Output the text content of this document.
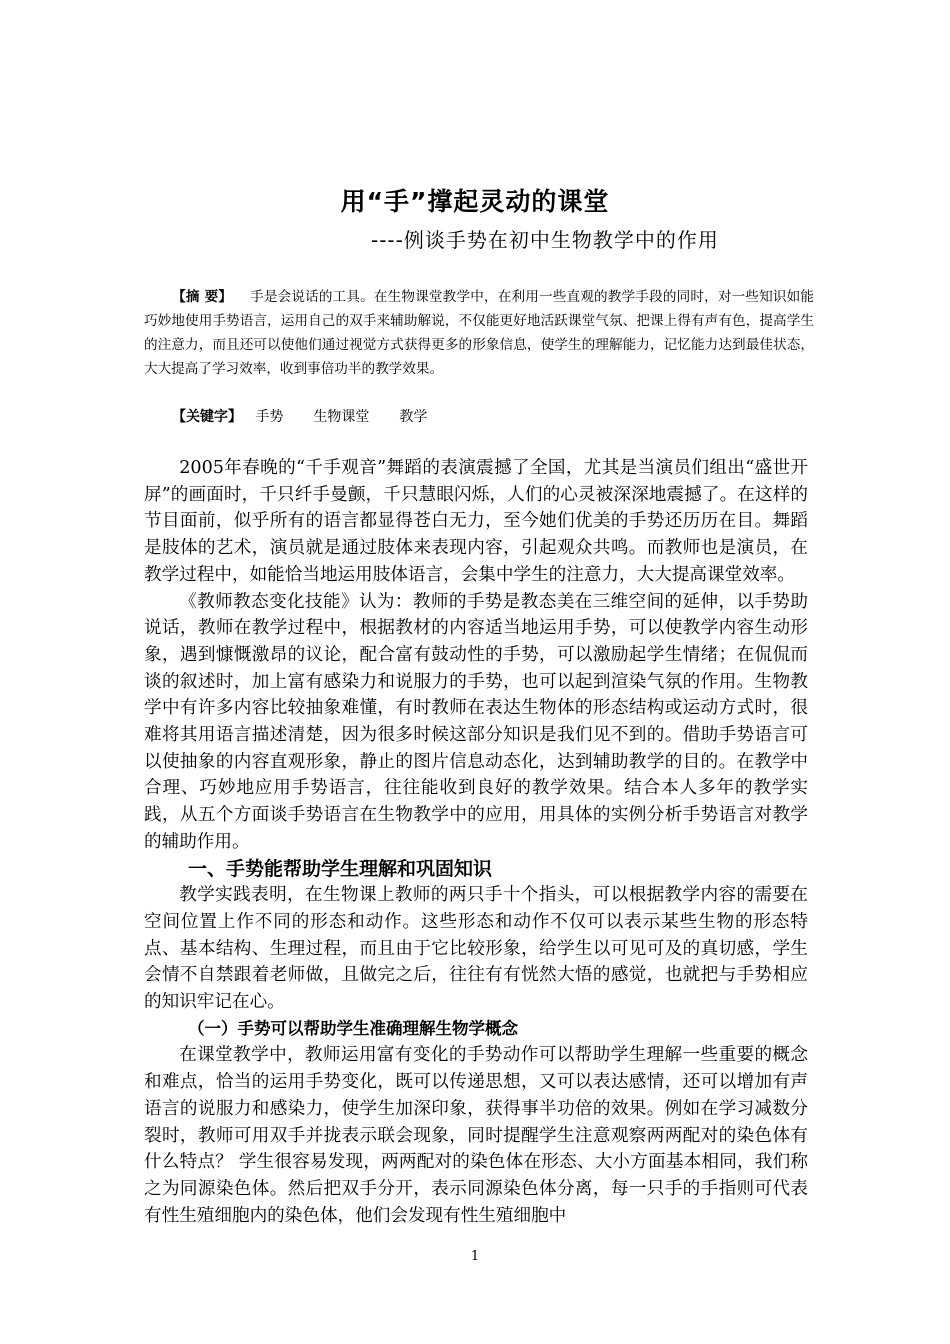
用“手”撑起灵动的课堂
----例谈手势在初中生物教学中的作用
【摘 要】 手是会说话的工具。在生物课堂教学中，在利用一些直观的教学手段的同时，对一些知识如能巧妙地使用手势语言，运用自己的双手来辅助解说，不仅能更好地活跃课堂气氛、把课上得有声有色，提高学生的注意力，而且还可以使他们通过视觉方式获得更多的形象信息，使学生的理解能力，记忆能力达到最佳状态，大大提高了学习效率，收到事倍功半的教学效果。
【关键字】 手势 生物课堂 教学

2005年春晚的“千手观音”舞蹈的表演震撼了全国，尤其是当演员们组出“盛世开屏”的画面时，千只纤手曼颤，千只慧眼闪烁，人们的心灵被深深地震撼了。在这样的节目面前，似乎所有的语言都显得苍白无力，至今她们优美的手势还历历在目。舞蹈是肢体的艺术，演员就是通过肢体来表现内容，引起观众共鸣。而教师也是演员，在教学过程中，如能恰当地运用肢体语言，会集中学生的注意力，大大提高课堂效率。

《教师教态变化技能》认为：教师的手势是教态美在三维空间的延伸，以手势助说话，教师在教学过程中，根据教材的内容适当地运用手势，可以使教学内容生动形象，遇到慷慨激昂的议论，配合富有鼓动性的手势，可以激励起学生情绪；在侃侃而谈的叙述时，加上富有感染力和说服力的手势，也可以起到渲染气氛的作用。生物教学中有许多内容比较抽象难懂，有时教师在表达生物体的形态结构或运动方式时，很难将其用语言描述清楚，因为很多时候这部分知识是我们见不到的。借助手势语言可以使抽象的内容直观形象，静止的图片信息动态化，达到辅助教学的目的。在教学中合理、巧妙地应用手势语言，往往能收到良好的教学效果。结合本人多年的教学实践，从五个方面谈手势语言在生物教学中的应用，用具体的实例分析手势语言对教学的辅助作用。

一、手势能帮助学生理解和巩固知识

教学实践表明，在生物课上教师的两只手十个指头，可以根据教学内容的需要在空间位置上作不同的形态和动作。这些形态和动作不仅可以表示某些生物的形态特点、基本结构、生理过程，而且由于它比较形象，给学生以可见可及的真切感，学生会情不自禁跟着老师做，且做完之后，往往有有恍然大悟的感觉，也就把与手势相应的知识牢记在心。

（一）手势可以帮助学生准确理解生物学概念

在课堂教学中，教师运用富有变化的手势动作可以帮助学生理解一些重要的概念和难点，恰当的运用手势变化，既可以传递思想，又可以表达感情，还可以增加有声语言的说服力和感染力，使学生加深印象，获得事半功倍的效果。例如在学习减数分裂时，教师可用双手并拢表示联会现象，同时提醒学生注意观察两两配对的染色体有什么特点？ 学生很容易发现，两两配对的染色体在形态、大小方面基本相同，我们称之为同源染色体。然后把双手分开，表示同源染色体分离，每一只手的手指则可代表有性生殖细胞内的染色体，他们会发现有性生殖细胞中

1
